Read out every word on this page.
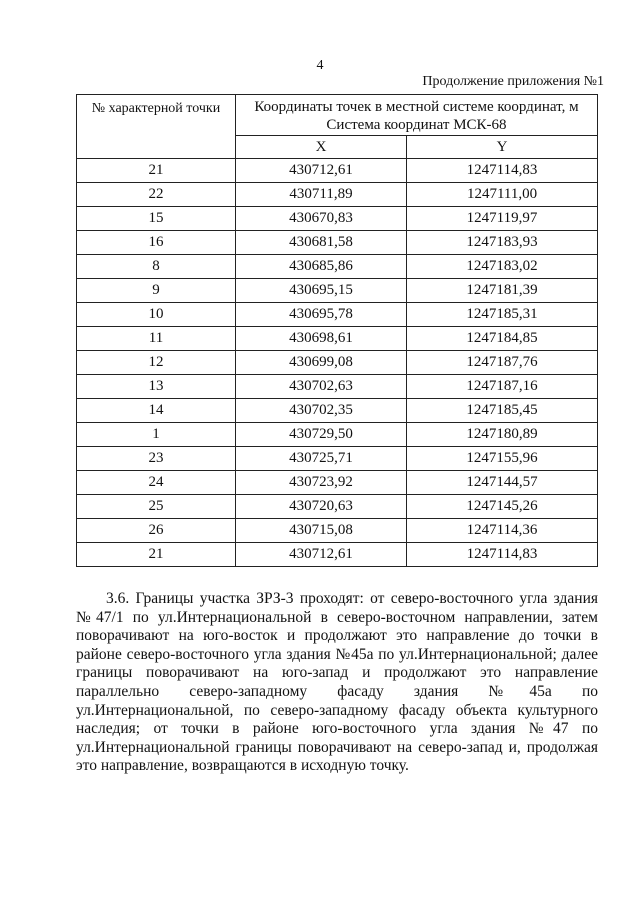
4
Продолжение приложения №1
№ характерной точки	Координаты точек в местной системе координат, м
Система координат МСК-68	

	X	Y
21	430712,61	1247114,83
22	430711,89	1247111,00
15	430670,83	1247119,97
16	430681,58	1247183,93
8	430685,86	1247183,02
9	430695,15	1247181,39
10	430695,78	1247185,31
11	430698,61	1247184,85
12	430699,08	1247187,76
13	430702,63	1247187,16
14	430702,35	1247185,45
1	430729,50	1247180,89
23	430725,71	1247155,96
24	430723,92	1247144,57
25	430720,63	1247145,26
26	430715,08	1247114,36
21	430712,61	1247114,83

3.6. Границы участка ЗРЗ-3 проходят: от северо-восточного угла здания №47/1 по ул.Интернациональной в северо-восточном направлении, затем поворачивают на юго-восток и продолжают это направление до точки в районе северо-восточного угла здания №45а по ул.Интернациональной; далее границы поворачивают на юго-запад и продолжают это направление параллельно северо-западному фасаду здания №45а по ул.Интернациональной, по северо-западному фасаду объекта культурного наследия; от точки в районе юго-восточного угла здания №47 по ул.Интернациональной границы поворачивают на северо-запад и, продолжая это направление, возвращаются в исходную точку.
